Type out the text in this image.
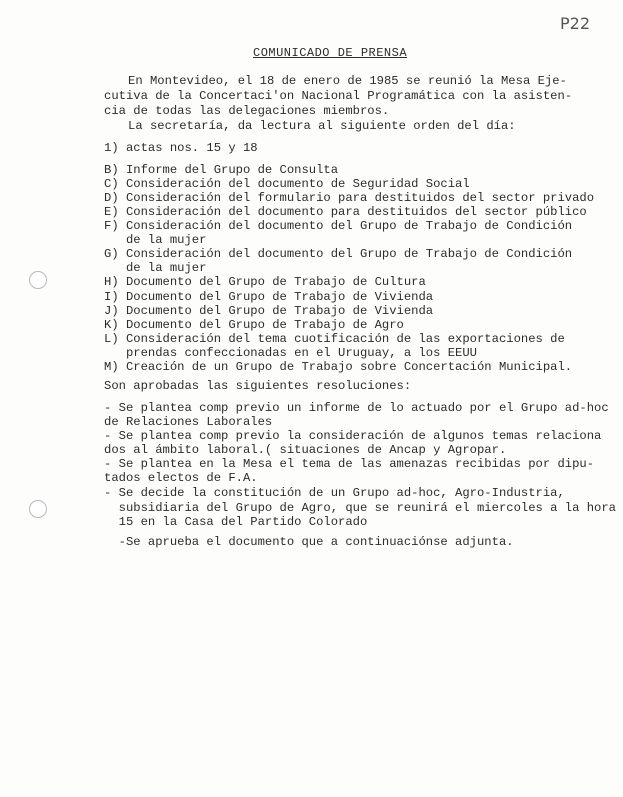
P22
COMUNICADO DE PRENSA
En Montevideo, el 18 de enero de 1985 se reunió la Mesa Eje-
cutiva de la Concertaci'on Nacional Programática con la asisten-
cia de todas las delegaciones miembros.
La secretaría, da lectura al siguiente orden del día:
1) actas nos. 15 y 18
B) Informe del Grupo de Consulta
C) Consideración del documento de Seguridad Social
D) Consideración del formulario para destituidos del sector privado
E) Consideración del documento para destituidos del sector público
F) Consideración del documento del Grupo de Trabajo de Condición
de la mujer
G) Consideración del documento del Grupo de Trabajo de Condición
de la mujer
H) Documento del Grupo de Trabajo de Cultura
I) Documento del Grupo de Trabajo de Vivienda
J) Documento del Grupo de Trabajo de Vivienda
K) Documento del Grupo de Trabajo de Agro
L) Consideración del tema cuotificación de las exportaciones de
prendas confeccionadas en el Uruguay, a los EEUU
M) Creación de un Grupo de Trabajo sobre Concertación Municipal.
Son aprobadas las siguientes resoluciones:
- Se plantea comp previo un informe de lo actuado por el Grupo ad-hoc
de Relaciones Laborales
- Se plantea comp previo la consideración de algunos temas relaciona
dos al ámbito laboral.( situaciones de Ancap y Agropar.
- Se plantea en la Mesa el tema de las amenazas recibidas por dipu-
tados electos de F.A.
- Se decide la constitución de un Grupo ad-hoc, Agro-Industria,
subsidiaria del Grupo de Agro, que se reunirá el miercoles a la hora
15 en la Casa del Partido Colorado
-Se aprueba el documento que a continuaciónse adjunta.
